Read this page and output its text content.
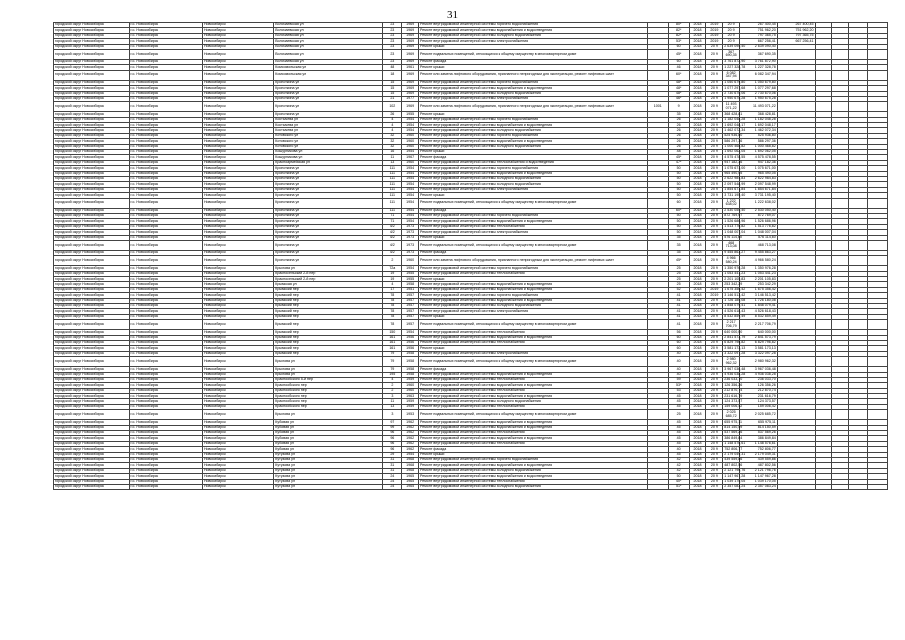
31
городской округ Новосибирск	г.о. Новосибирск	Новосибирск	Волочаевская ул	23	1969	Ремонт внутридомовой инженерной системы горячего водоснабжения		80*	2018	2019	20 9	267 400,45	267 400,45				
городской округ Новосибирск	г.о. Новосибирск	Новосибирск	Волочаевская ул	23	1969	Ремонт внутридомовой инженерной системы водоснабжения и водоотведения		82*	2018	2019	20 9	751 962,20	751 962,20				
городской округ Новосибирск	г.о. Новосибирск	Новосибирск	Волочаевская ул	23	1969	Ремонт внутридомовой инженерной системы холодного водоснабжения		82*	2018	2019	20 9	797 365,75	797 365,75				
городской округ Новосибирск	г.о. Новосибирск	Новосибирск	Волочаевская ул	23	1969	Ремонт внутридомовой инженерной системы электроснабжения		53*	2018	2019	20 9	667 256,41	667 256,41				
городской округ Новосибирск	г.о. Новосибирск	Новосибирск	Волочаевская ул	23	1969	Ремонт крыши		60	2018	20 9	2 639 090,40	2 639 090,40					
городской округ Новосибирск	г.о. Новосибирск	Новосибирск	Волочаевская ул	23	1969	Ремонт подвальных помещений, относящихся к общему имуществу в многоквартирном доме		45*	2018	20 9	367 690,35	367 690,35					
городской округ Новосибирск	г.о. Новосибирск	Новосибирск	Волочаевская ул	23	1969	Ремонт фасада		60	2018	20 9	3 761 872,90	3 761 872,90					
городской округ Новосибирск	г.о. Новосибирск	Новосибирск	Комсомольская ул	48	1961	Ремонт крыши		46	2018	20 9	1 227 328,78	1 227 328,78					
городской округ Новосибирск	г.о. Новосибирск	Новосибирск	Комсомольская ул	18	1969	Ремонт или замена лифтового оборудования, признанного непригодным для эксплуатации, ремонт лифтовых шахт		60*	2018	20 9	6 082 347,94	6 082 347,94					
городской округ Новосибирск	г.о. Новосибирск	Новосибирск	Кропоткина ул	15	1969	Ремонт внутридомовой инженерной системы горячего водоснабжения		48*	2018	20 9	1 050 679,80	1 050 679,80					
городской округ Новосибирск	г.о. Новосибирск	Новосибирск	Кропоткина ул	15	1969	Ремонт внутридомовой инженерной системы водоснабжения и водоотведения		48*	2018	20 9	1 077 297,68	1 077 297,68					
городской округ Новосибирск	г.о. Новосибирск	Новосибирск	Кропоткина ул	15	1969	Ремонт внутридомовой инженерной системы холодного водоснабжения		48*	2018	20 9	2 730 670,06	2 730 670,06					
городской округ Новосибирск	г.о. Новосибирск	Новосибирск	Кропоткина ул	21	1977	Ремонт внутридомовой инженерной системы электроснабжения		46*	2018	20 9	1 950 675,28	1 950 675,28					
городской округ Новосибирск	г.о. Новосибирск	Новосибирск	Кропоткина ул	102	1969	Ремонт или замена лифтового оборудования, признанного непригодным для эксплуатации, ремонт лифтовых шахт	1001	9	2018	20 9	11 493 071,22	11 493 071,22					
городской округ Новосибирск	г.о. Новосибирск	Новосибирск	Кропоткина ул	26	1955	Ремонт крыши		35	2018	20 9	368 428,81	368 428,81					
городской округ Новосибирск	г.о. Новосибирск	Новосибирск	Костычева ул	4	1954	Ремонт внутридомовой инженерной системы горячего водоснабжения		26	2018	20 9	1 182 048,28	1 182 048,28					
городской округ Новосибирск	г.о. Новосибирск	Новосибирск	Костычева ул	4	1954	Ремонт внутридомовой инженерной системы водоснабжения и водоотведения		26	2018	20 9	1 692 048,17	1 692 048,17					
городской округ Новосибирск	г.о. Новосибирск	Новосибирск	Костычева ул	4	1954	Ремонт внутридомовой инженерной системы холодного водоснабжения		26	2018	20 9	1 462 072,34	1 462 072,34					
городской округ Новосибирск	г.о. Новосибирск	Новосибирск	Котовского ул	32	1960	Ремонт внутридомовой инженерной системы горячего водоснабжения		26	2018	20 9	525 936,80	525 936,80					
городской округ Новосибирск	г.о. Новосибирск	Новосибирск	Котовского ул	32	1960	Ремонт внутридомовой инженерной системы водоснабжения и водоотведения		26	2018	20 9	586 297,36	586 297,36					
городской округ Новосибирск	г.о. Новосибирск	Новосибирск	Котовского ул	32	1960	Ремонт внутридомовой инженерной системы холодного водоснабжения		26	2018	20 9	1 000 468,82	1 000 468,82					
городской округ Новосибирск	г.о. Новосибирск	Новосибирск	Кошурникова ул	16	1954	Ремонт крыши		48	2018	20 9	1 692 062,05	1 692 062,05					
городской округ Новосибирск	г.о. Новосибирск	Новосибирск	Кошурникова ул	11	1967	Ремонт фасада		45*	2018	20 9	4 575 478,55	4 575 478,55					
городской округ Новосибирск	г.о. Новосибирск	Новосибирск	Красноармейская ул	13	1960	Ремонт внутридомовой инженерной системы теплоснабжения и водоотведения		47*	2018	20 9	947 182,36	947 182,36					
городской округ Новосибирск	г.о. Новосибирск	Новосибирск	Кропоткина ул	111	1954	Ремонт внутридомовой инженерной системы горячего водоснабжения		50	2018	20 9	1 075 671,00	1 075 671,00					
городской округ Новосибирск	г.о. Новосибирск	Новосибирск	Кропоткина ул	111	1954	Ремонт внутридомовой инженерной системы водоснабжения и водоотведения		50	2018	20 9	965 490,05	965 490,05					
городской округ Новосибирск	г.о. Новосибирск	Новосибирск	Кропоткина ул	111	1954	Ремонт внутридомовой инженерной системы холодного водоснабжения		50	2018	20 9	2 622 984,83	2 622 984,83					
городской округ Новосибирск	г.о. Новосибирск	Новосибирск	Кропоткина ул	111	1954	Ремонт внутридомовой инженерной системы холодного водоснабжения		50	2018	20 9	2 097 548,99	2 097 548,99					
городской округ Новосибирск	г.о. Новосибирск	Новосибирск	Кропоткина ул	111	1954	Ремонт внутридомовой инженерной системы электроснабжения		50	2018	20 9	1 854 671,84	1 854 671,84					
городской округ Новосибирск	г.о. Новосибирск	Новосибирск	Кропоткина ул	111	1954	Ремонт крыши		50	2018	20 9	3 731 195,40	3 731 195,40					
городской округ Новосибирск	г.о. Новосибирск	Новосибирск	Кропоткина ул	111	1954	Ремонт подвальных помещений, относящихся к общему имуществу в многоквартирном доме		60	2018	20 9	1 222 638,02	1 222 638,02					
городской округ Новосибирск	г.о. Новосибирск	Новосибирск	Кропоткина ул	111	1954	Ремонт фасада		60*	2018	20 9	2 530 050,40	2 530 050,40					
городской округ Новосибирск	г.о. Новосибирск	Новосибирск	Кропоткина ул	71	1954	Ремонт внутридомовой инженерной системы горячего водоснабжения		50	2018	20 9	872 769,07	872 769,07					
городской округ Новосибирск	г.о. Новосибирск	Новосибирск	Кропоткина ул	71	1954	Ремонт внутридомовой инженерной системы водоснабжения и водоотведения		50	2018	20 9	1 526 686,96	1 526 686,96					
городской округ Новосибирск	г.о. Новосибирск	Новосибирск	Кропоткина ул	4/2	1973	Ремонт внутридомовой инженерной системы теплоснабжения		50	2018	20 9	1 513 776,82	1 513 776,82					
городской округ Новосибирск	г.о. Новосибирск	Новосибирск	Кропоткина ул	4/2	1973	Ремонт внутридомовой инженерной системы электроснабжения		50	2018	20 9	1 048 007,04	1 048 007,04					
городской округ Новосибирск	г.о. Новосибирск	Новосибирск	Кропоткина ул	4/2	1973	Ремонт крыши		35	2018	20 9	576 114,60	576 114,60					
городской округ Новосибирск	г.о. Новосибирск	Новосибирск	Кропоткина ул	4/2	1973	Ремонт подвальных помещений, относящихся к общему имуществу в многоквартирном доме		35	2018	20 9	468 713,08	468 713,08					
городской округ Новосибирск	г.о. Новосибирск	Новосибирск	Кропоткина ул	4/2	1973	Ремонт фасада		35	2018	20 9	9 455 863,27	9 455 863,27					
городской округ Новосибирск	г.о. Новосибирск	Новосибирск	Кропоткина ул	2	1960	Ремонт или замена лифтового оборудования, признанного непригодным для эксплуатации, ремонт лифтовых шахт		45*	2018	20 9	4 966 580,24	4 966 580,24					
городской округ Новосибирск	г.о. Новосибирск	Новосибирск	Крылова ул	72а	1954	Ремонт внутридомовой инженерной системы горячего водоснабжения		25	2018	20 9	1 350 976,28	1 350 976,28					
городской округ Новосибирск	г.о. Новосибирск	Новосибирск	Красносельский 2-й пер	19	1955	Ремонт внутридомовой инженерной системы теплоснабжения		25	2018	20 9	1 053 441,23	1 053 441,23					
городской округ Новосибирск	г.о. Новосибирск	Новосибирск	Красносельский 2-й пер	19	1955	Ремонт крыши		25	2018	20 9	2 201 105,83	2 201 105,83					
городской округ Новосибирск	г.о. Новосибирск	Новосибирск	Крымская ул	4	1958	Ремонт внутридомовой инженерной системы водоснабжения и водоотведения		25	2018	20 9	253 342,29	253 342,29					
городской округ Новосибирск	г.о. Новосибирск	Новосибирск	Крымский пер	17	1951	Ремонт внутридомовой инженерной системы водоснабжения и водоотведения		52	2018	2019	1 675 356,42	1 675 356,42					
городской округ Новосибирск	г.о. Новосибирск	Новосибирск	Крымский пер	78	1957	Ремонт внутридомовой инженерной системы горячего водоснабжения		41	2018	2019	3 146 513,42	3 146 513,42					
городской округ Новосибирск	г.о. Новосибирск	Новосибирск	Крымский пер	78	1957	Ремонт внутридомовой инженерной системы водоснабжения и водоотведения		41	2018	20 9	1 726 180,08	1 726 180,08					
городской округ Новосибирск	г.о. Новосибирск	Новосибирск	Крымский пер	78	1957	Ремонт внутридомовой инженерной системы холодного водоснабжения		41	2018	20 9	1 848 079,41	1 848 079,41					
городской округ Новосибирск	г.о. Новосибирск	Новосибирск	Крымский пер	78	1957	Ремонт внутридомовой инженерной системы электроснабжения		41	2018	20 9	4 526 618,43	4 526 618,43					
городской округ Новосибирск	г.о. Новосибирск	Новосибирск	Крымский пер	78	1957	Ремонт крыши		41	2018	20 9	8 532 859,49	8 532 859,49					
городской округ Новосибирск	г.о. Новосибирск	Новосибирск	Крымский пер	78	1957	Ремонт подвальных помещений, относящихся к общему имуществу в многоквартирном доме		41	2018	20 9	2 217 706,79	2 217 706,79					
городской округ Новосибирск	г.о. Новосибирск	Новосибирск	Крымский пер	150	1954	Ремонт внутридомовой инженерной системы теплоснабжения		56	2018	20 9	640 000,00	640 000,00					
городской округ Новосибирск	г.о. Новосибирск	Новосибирск	Крымский пер	161	1956	Ремонт внутридомовой инженерной системы водоснабжения и водоотведения		60	2018	20 9	2 841 573,79	2 841 573,79					
городской округ Новосибирск	г.о. Новосибирск	Новосибирск	Крымский пер	161	1956	Ремонт внутридомовой инженерной системы теплоснабжения		60	2018	20 9	6 829 796,82	6 829 796,82					
городской округ Новосибирск	г.о. Новосибирск	Новосибирск	Крымский пер	161	1956	Ремонт крыши		60	2018	20 9	3 581 173,13	3 581 173,13					
городской округ Новосибирск	г.о. Новосибирск	Новосибирск	Крымский пер	79	1958	Ремонт внутридомовой инженерной системы электроснабжения		40	2018	20 9	3 322 097,28	3 322 097,28					
городской округ Новосибирск	г.о. Новосибирск	Новосибирск	Крылова ул	79	1958	Ремонт подвальных помещений, относящихся к общему имуществу в многоквартирном доме		40	2018	20 9	2 980 962,32	2 980 962,32					
городской округ Новосибирск	г.о. Новосибирск	Новосибирск	Крылова ул	79	1958	Ремонт фасада		40	2018	20 9	3 967 036,48	3 967 036,48					
городской округ Новосибирск	г.о. Новосибирск	Новосибирск	Крылова ул	195	1958	Ремонт внутридомовой инженерной системы водоснабжения и водоотведения		40	2018	20 9	4 936 038,28	4 936 038,28					
городской округ Новосибирск	г.о. Новосибирск	Новосибирск	Краснообского 5-й пер	4	1959	Ремонт внутридомовой инженерной системы теплоснабжения		59	2018	20 9	236 033,70	236 033,70					
городской округ Новосибирск	г.о. Новосибирск	Новосибирск	Краснообского пер	2	1960	Ремонт внутридомовой инженерной системы водоснабжения и водоотведения		53*	2018	20 9	126 356,26	126 356,26					
городской округ Новосибирск	г.о. Новосибирск	Новосибирск	Краснообского пер	2	1960	Ремонт внутридомовой инженерной системы теплоснабжения		53	2018	20 9	212 870,74	212 870,74					
городской округ Новосибирск	г.о. Новосибирск	Новосибирск	Краснообского пер	3	1963	Ремонт внутридомовой инженерной системы водоснабжения и водоотведения		45	2018	20 9	231 616,79	231 616,79					
городской округ Новосибирск	г.о. Новосибирск	Новосибирск	Краснообского пер	11	1959	Ремонт внутридомовой инженерной системы холодного водоснабжения		45	2018	20 9	124 373,57	124 373,57					
городской округ Новосибирск	г.о. Новосибирск	Новосибирск	Краснообского пер	13	1959	Ремонт внутридомовой инженерной системы теплоснабжения		45	2018	20 9	159 006,42	159 006,42					
городской округ Новосибирск	г.о. Новосибирск	Новосибирск	Крылова ул	3	1953	Ремонт подвальных помещений, относящихся к общему имуществу в многоквартирном доме		25	2018	20 9	2 025 685,72	2 025 685,72					
городской округ Новосибирск	г.о. Новосибирск	Новосибирск	Кубовая ул	97	1962	Ремонт внутридомовой инженерной системы водоснабжения и водоотведения		45	2018	20 9	655 975,11	655 975,11					
городской округ Новосибирск	г.о. Новосибирск	Новосибирск	Кубовая ул	99	1962	Ремонт внутридомовой инженерной системы водоснабжения и водоотведения		45	2018	20 9	814 150,59	814 150,59					
городской округ Новосибирск	г.о. Новосибирск	Новосибирск	Кубовая ул	96	1962	Ремонт внутридомовой инженерной системы теплоснабжения		45	2018	20 9	537 569,26	537 569,26					
городской округ Новосибирск	г.о. Новосибирск	Новосибирск	Кубовая ул	96	1962	Ремонт внутридомовой инженерной системы водоснабжения и водоотведения		45	2018	20 9	386 849,84	386 849,84					
городской округ Новосибирск	г.о. Новосибирск	Новосибирск	Кубовая ул	96	1962	Ремонт внутридомовой инженерной системы теплоснабжения		45	2018	20 9	1 148 576,61	1 148 576,61					
городской округ Новосибирск	г.о. Новосибирск	Новосибирск	Кубовая ул	96	1962	Ремонт фасада		40	2018	20 9	752 806,77	752 806,77					
городской округ Новосибирск	г.о. Новосибирск	Новосибирск	Кутузова ул	29	1954	Ремонт крыши		45	2018	20 9	2 179 049,31	2 179 049,31					
городской округ Новосибирск	г.о. Новосибирск	Новосибирск	Кутузова ул	31	1968	Ремонт внутридомовой инженерной системы горячего водоснабжения		42	2018	20 9	439 559,86	439 559,86					
городской округ Новосибирск	г.о. Новосибирск	Новосибирск	Кутузова ул	31	1968	Ремонт внутридомовой инженерной системы водоснабжения и водоотведения		42	2018	20 9	487 802,56	487 802,56					
городской округ Новосибирск	г.о. Новосибирск	Новосибирск	Кутузова ул	31	1968	Ремонт внутридомовой инженерной системы холодного водоснабжения		42	2018	20 9	2 121 796,76	2 121 796,76					
городской округ Новосибирск	г.о. Новосибирск	Новосибирск	Кутузова ул	24	1965	Ремонт внутридомовой инженерной системы водоснабжения и водоотведения		50	2018	20 9	1 147 967,28	1 147 967,28					
городской округ Новосибирск	г.о. Новосибирск	Новосибирск	Кутузова ул	24	1965	Ремонт внутридомовой инженерной системы теплоснабжения		40*	2018	20 9	1 039 170,05	1 039 170,05					
городской округ Новосибирск	г.о. Новосибирск	Новосибирск	Кутузова ул	24	1965	Ремонт внутридомовой инженерной системы холодного водоснабжения		51*	2018	20 9	2 357 083,24	2 357 083,24					
